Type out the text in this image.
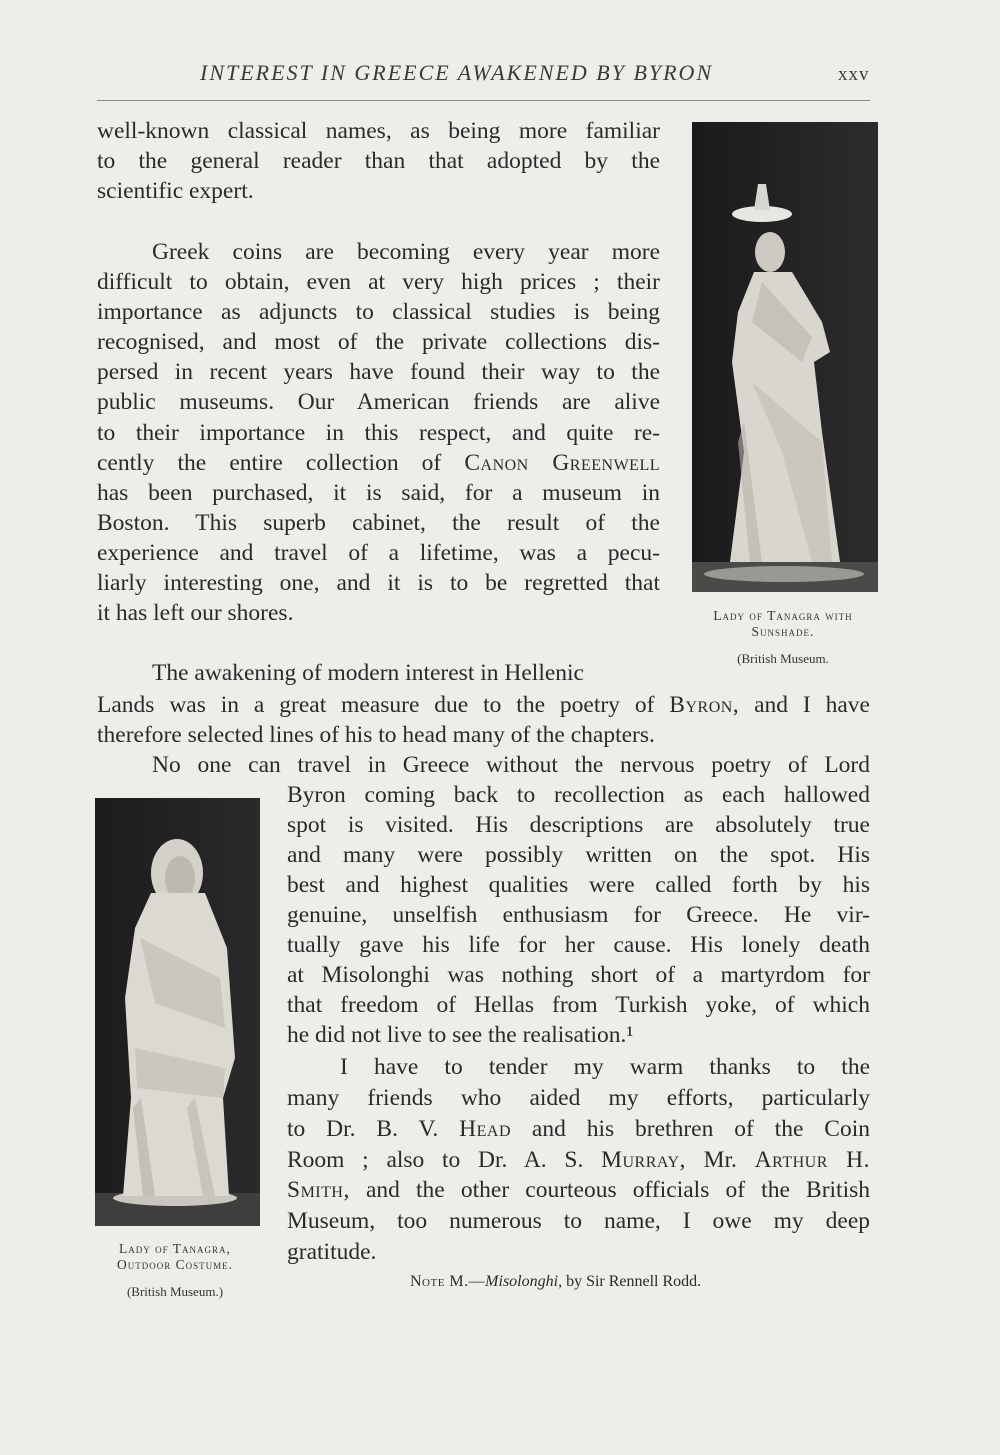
INTEREST IN GREECE AWAKENED BY BYRON	xxv
well-known classical names, as being more familiar
to the general reader than that adopted by the
scientific expert.
Greek coins are becoming every year more
difficult to obtain, even at very high prices ; their
importance as adjuncts to classical studies is being
recognised, and most of the private collections dis-
persed in recent years have found their way to the
public museums. Our American friends are alive
to their importance in this respect, and quite re-
cently the entire collection of Canon Greenwell
has been purchased, it is said, for a museum in
Boston. This superb cabinet, the result of the
experience and travel of a lifetime, was a pecu-
liarly interesting one, and it is to be regretted that
it has left our shores.	Lady of Tanagra with
Sunshade.
(British Museum.
The awakening of modern interest in Hellenic
Lands was in a great measure due to the poetry of Byron, and I have
therefore selected lines of his to head many of the chapters.
No one can travel in Greece without the nervous poetry of Lord
Byron coming back to recollection as each hallowed
spot is visited. His descriptions are absolutely true
and many were possibly written on the spot. His
best and highest qualities were called forth by his
genuine, unselfish enthusiasm for Greece. He vir-
tually gave his life for her cause. His lonely death
at Misolonghi was nothing short of a martyrdom for
that freedom of Hellas from Turkish yoke, of which
he did not live to see the realisation.¹
I have to tender my warm thanks to the
many friends who aided my efforts, particularly
to Dr. B. V. Head and his brethren of the Coin
Room ; also to Dr. A. S. Murray, Mr. Arthur H.
Smith, and the other courteous officials of the British
Museum, too numerous to name, I owe my deep
gratitude.
Lady of Tanagra,
Outdoor Costume.
(British Museum.)
Note M.—Misolonghi, by Sir Rennell Rodd.
